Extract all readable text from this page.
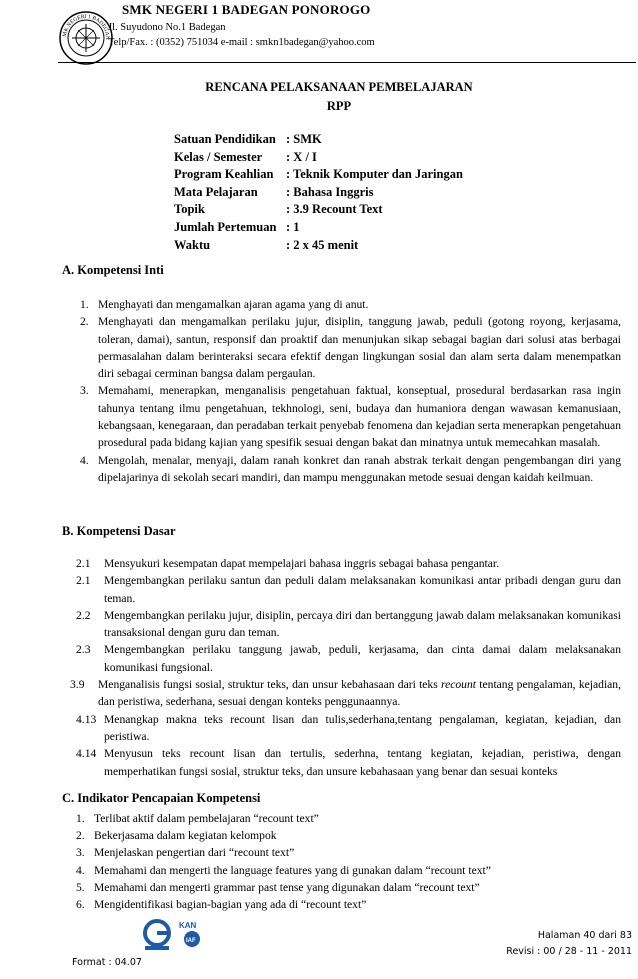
MK NEGERI 1 BADEGAN
SMK NEGERI 1 BADEGAN PONOROGO
Jl. Suyudono No.1 Badegan
Telp/Fax. : (0352) 751034 e-mail : smkn1badegan@yahoo.com
RENCANA PELAKSANAAN PEMBELAJARAN
RPP
Satuan Pendidikan : SMK
Kelas / Semester : X / I
Program Keahlian : Teknik Komputer dan Jaringan
Mata Pelajaran : Bahasa Inggris
Topik	: 3.9 Recount Text
Jumlah Pertemuan : 1
Waktu	: 2 x 45 menit
A. Kompetensi Inti
1. Menghayati dan mengamalkan ajaran agama yang di anut.
2. Menghayati dan mengamalkan perilaku jujur, disiplin, tanggung jawab, peduli (gotong royong, kerjasama, toleran, damai), santun, responsif dan proaktif dan menunjukan sikap sebagai bagian dari solusi atas berbagai permasalahan dalam berinteraksi secara efektif dengan lingkungan sosial dan alam serta dalam menempatkan diri sebagai cerminan bangsa dalam pergaulan.
3. Memahami, menerapkan, menganalisis pengetahuan faktual, konseptual, prosedural berdasarkan rasa ingin tahunya tentang ilmu pengetahuan, tekhnologi, seni, budaya dan humaniora dengan wawasan kemanusiaan, kebangsaan, kenegaraan, dan peradaban terkait penyebab fenomena dan kejadian serta menerapkan pengetahuan prosedural pada bidang kajian yang spesifik sesuai dengan bakat dan minatnya untuk memecahkan masalah.
4. Mengolah, menalar, menyaji, dalam ranah konkret dan ranah abstrak terkait dengan pengembangan diri yang dipelajarinya di sekolah secari mandiri, dan mampu menggunakan metode sesuai dengan kaidah keilmuan.
B. Kompetensi Dasar
2.1 Mensyukuri kesempatan dapat mempelajari bahasa inggris sebagai bahasa pengantar.
2.1 Mengembangkan perilaku santun dan peduli dalam melaksanakan komunikasi antar pribadi dengan guru dan teman.
2.2 Mengembangkan perilaku jujur, disiplin, percaya diri dan bertanggung jawab dalam melaksanakan komunikasi transaksional dengan guru dan teman.
2.3 Mengembangkan perilaku tanggung jawab, peduli, kerjasama, dan cinta damai dalam melaksanakan komunikasi fungsional.
3.9 Menganalisis fungsi sosial, struktur teks, dan unsur kebahasaan dari teks recount tentang pengalaman, kejadian, dan peristiwa, sederhana, sesuai dengan konteks penggunaannya.
4.13 Menangkap makna teks recount lisan dan tulis,sederhana,tentang pengalaman, kegiatan, kejadian, dan peristiwa.
4.14 Menyusun teks recount lisan dan tertulis, sederhna, tentang kegiatan, kejadian, peristiwa, dengan memperhatikan fungsi sosial, struktur teks, dan unsure kebahasaan yang benar dan sesuai konteks
C. Indikator Pencapaian Kompetensi
1. Terlibat aktif dalam pembelajaran “recount text”
2. Bekerjasama dalam kegiatan kelompok
3. Menjelaskan pengertian dari “recount text”
4. Memahami dan mengerti the language features yang di gunakan dalam “recount text”
5. Memahami dan mengerti grammar past tense yang digunakan dalam “recount text”
6. Mengidentifikasi bagian-bagian yang ada di “recount text”
KAN
IAF
Format : 04.07
Halaman 40 dari 83
Revisi : 00 / 28 - 11 - 2011
